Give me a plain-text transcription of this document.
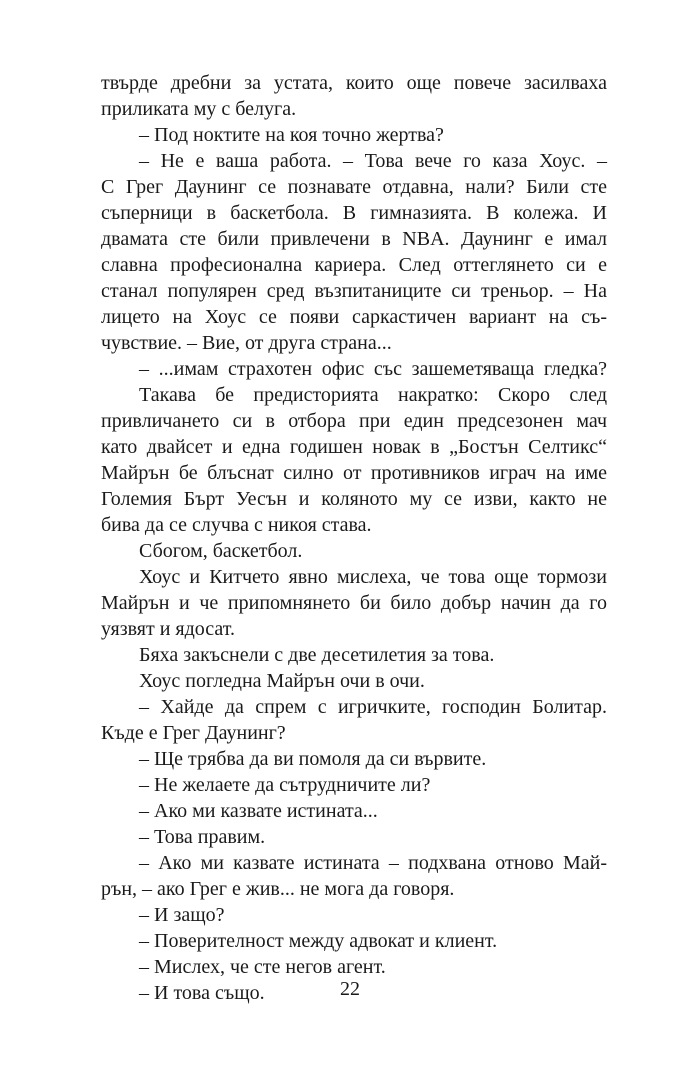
твърде дребни за устата, които още повече засилваха
приликата му с белуга.
– Под ноктите на коя точно жертва?
– Не е ваша работа. – Това вече го каза Хоус. –
С Грег Даунинг се познавате отдавна, нали? Били сте
съперници в баскетбола. В гимназията. В колежа. И
двамата сте били привлечени в NBA. Даунинг е имал
славна професионална кариера. След оттеглянето си е
станал популярен сред възпитаниците си треньор. – На
лицето на Хоус се появи саркастичен вариант на съ-
чувствие. – Вие, от друга страна...
– ...имам страхотен офис със зашеметяваща гледка?
Такава бе предисторията накратко: Скоро след
привличането си в отбора при един предсезонен мач
като двайсет и една годишен новак в „Бостън Селтикс“
Майрън бе блъснат силно от противников играч на име
Големия Бърт Уесън и коляното му се изви, както не
бива да се случва с никоя става.
Сбогом, баскетбол.
Хоус и Китчето явно мислеха, че това още тормози
Майрън и че припомнянето би било добър начин да го
уязвят и ядосат.
Бяха закъснели с две десетилетия за това.
Хоус погледна Майрън очи в очи.
– Хайде да спрем с игричките, господин Болитар.
Къде е Грег Даунинг?
– Ще трябва да ви помоля да си вървите.
– Не желаете да сътрудничите ли?
– Ако ми казвате истината...
– Това правим.
– Ако ми казвате истината – подхвана отново Май-
рън, – ако Грег е жив... не мога да говоря.
– И защо?
– Поверителност между адвокат и клиент.
– Мислех, че сте негов агент.
– И това също.	22
